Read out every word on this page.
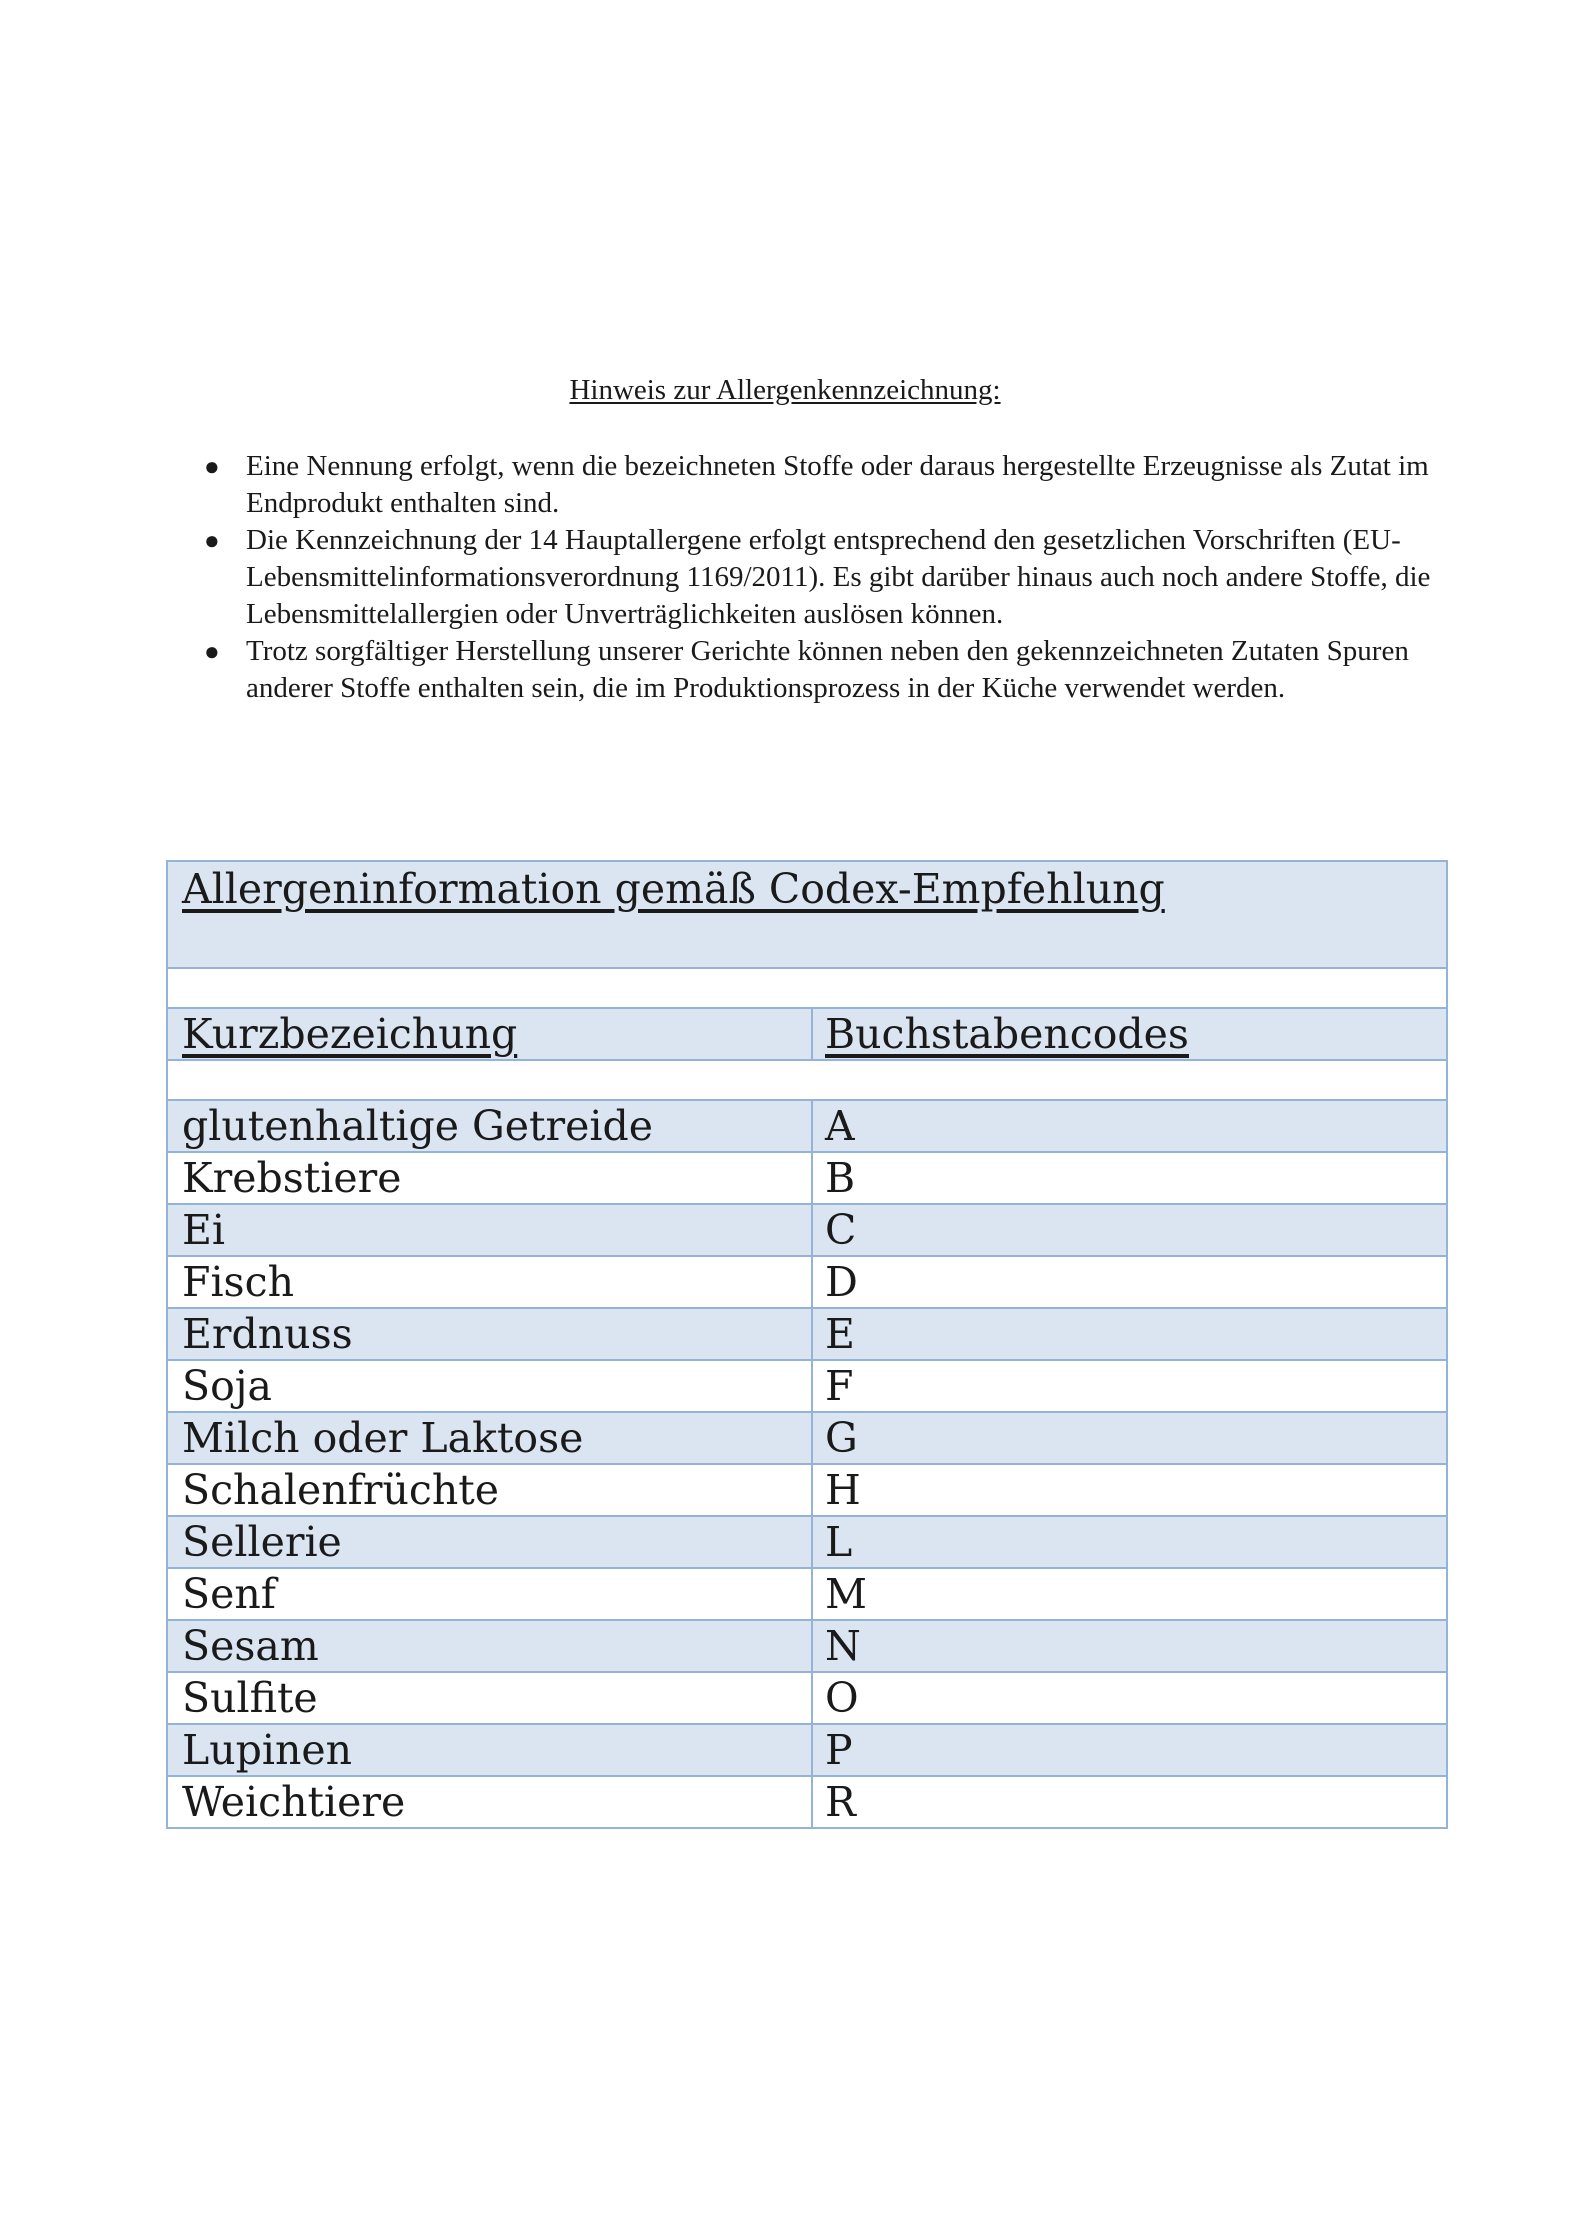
Hinweis zur Allergenkennzeichnung:
● Eine Nennung erfolgt, wenn die bezeichneten Stoffe oder daraus hergestellte Erzeugnisse als Zutat im Endprodukt enthalten sind.
● Die Kennzeichnung der 14 Hauptallergene erfolgt entsprechend den gesetzlichen Vorschriften (EU-Lebensmittelinformationsverordnung 1169/2011). Es gibt darüber hinaus auch noch andere Stoffe, die Lebensmittelallergien oder Unverträglichkeiten auslösen können.
● Trotz sorgfältiger Herstellung unserer Gerichte können neben den gekennzeichneten Zutaten Spuren anderer Stoffe enthalten sein, die im Produktionsprozess in der Küche verwendet werden.
Allergeninformation gemäß Codex-Empfehlung	

Kurzbezeichung	Buchstabencodes

glutenhaltige Getreide	A
Krebstiere	B
Ei	C
Fisch	D
Erdnuss	E
Soja	F
Milch oder Laktose	G
Schalenfrüchte	H
Sellerie	L
Senf	M
Sesam	N
Sulfite	O
Lupinen	P
Weichtiere	R
